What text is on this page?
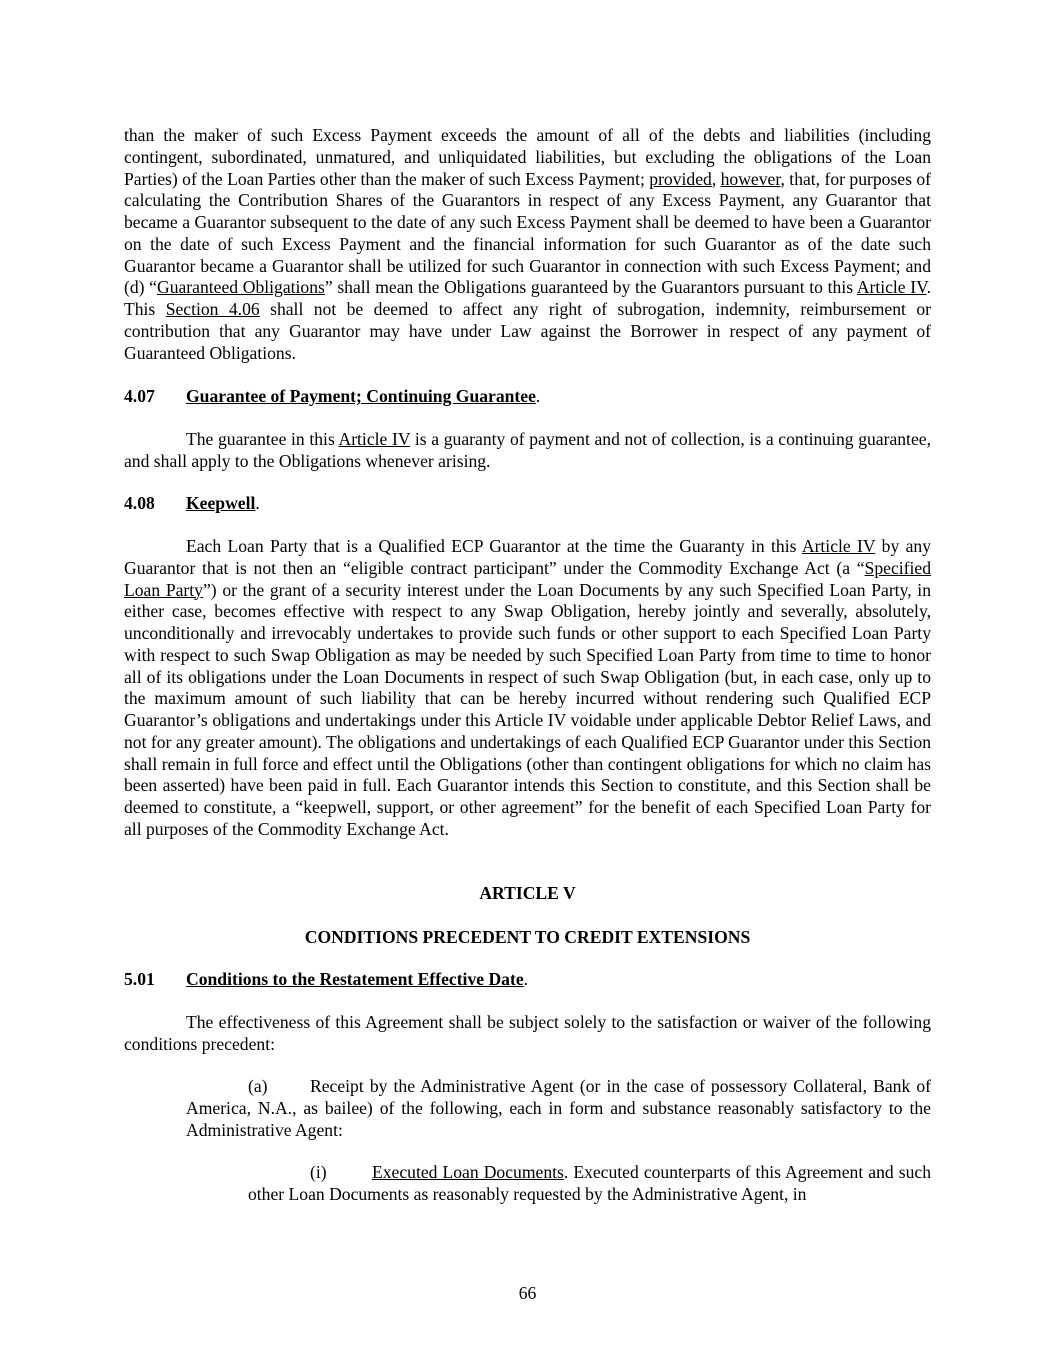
than the maker of such Excess Payment exceeds the amount of all of the debts and liabilities (including contingent, subordinated, unmatured, and unliquidated liabilities, but excluding the obligations of the Loan Parties) of the Loan Parties other than the maker of such Excess Payment; provided, however, that, for purposes of calculating the Contribution Shares of the Guarantors in respect of any Excess Payment, any Guarantor that became a Guarantor subsequent to the date of any such Excess Payment shall be deemed to have been a Guarantor on the date of such Excess Payment and the financial information for such Guarantor as of the date such Guarantor became a Guarantor shall be utilized for such Guarantor in connection with such Excess Payment; and (d) “Guaranteed Obligations” shall mean the Obligations guaranteed by the Guarantors pursuant to this Article IV. This Section 4.06 shall not be deemed to affect any right of subrogation, indemnity, reimbursement or contribution that any Guarantor may have under Law against the Borrower in respect of any payment of Guaranteed Obligations.

4.07 Guarantee of Payment; Continuing Guarantee.

The guarantee in this Article IV is a guaranty of payment and not of collection, is a continuing guarantee, and shall apply to the Obligations whenever arising.

4.08 Keepwell.

Each Loan Party that is a Qualified ECP Guarantor at the time the Guaranty in this Article IV by any Guarantor that is not then an “eligible contract participant” under the Commodity Exchange Act (a “Specified Loan Party”) or the grant of a security interest under the Loan Documents by any such Specified Loan Party, in either case, becomes effective with respect to any Swap Obligation, hereby jointly and severally, absolutely, unconditionally and irrevocably undertakes to provide such funds or other support to each Specified Loan Party with respect to such Swap Obligation as may be needed by such Specified Loan Party from time to time to honor all of its obligations under the Loan Documents in respect of such Swap Obligation (but, in each case, only up to the maximum amount of such liability that can be hereby incurred without rendering such Qualified ECP Guarantor’s obligations and undertakings under this Article IV voidable under applicable Debtor Relief Laws, and not for any greater amount). The obligations and undertakings of each Qualified ECP Guarantor under this Section shall remain in full force and effect until the Obligations (other than contingent obligations for which no claim has been asserted) have been paid in full. Each Guarantor intends this Section to constitute, and this Section shall be deemed to constitute, a “keepwell, support, or other agreement” for the benefit of each Specified Loan Party for all purposes of the Commodity Exchange Act.

ARTICLE V
CONDITIONS PRECEDENT TO CREDIT EXTENSIONS
5.01 Conditions to the Restatement Effective Date.

The effectiveness of this Agreement shall be subject solely to the satisfaction or waiver of the following conditions precedent:

(a) Receipt by the Administrative Agent (or in the case of possessory Collateral, Bank of America, N.A., as bailee) of the following, each in form and substance reasonably satisfactory to the Administrative Agent:

(i)	Executed Loan Documents. Executed counterparts of this Agreement and such other Loan Documents as reasonably requested by the Administrative Agent, in

66
